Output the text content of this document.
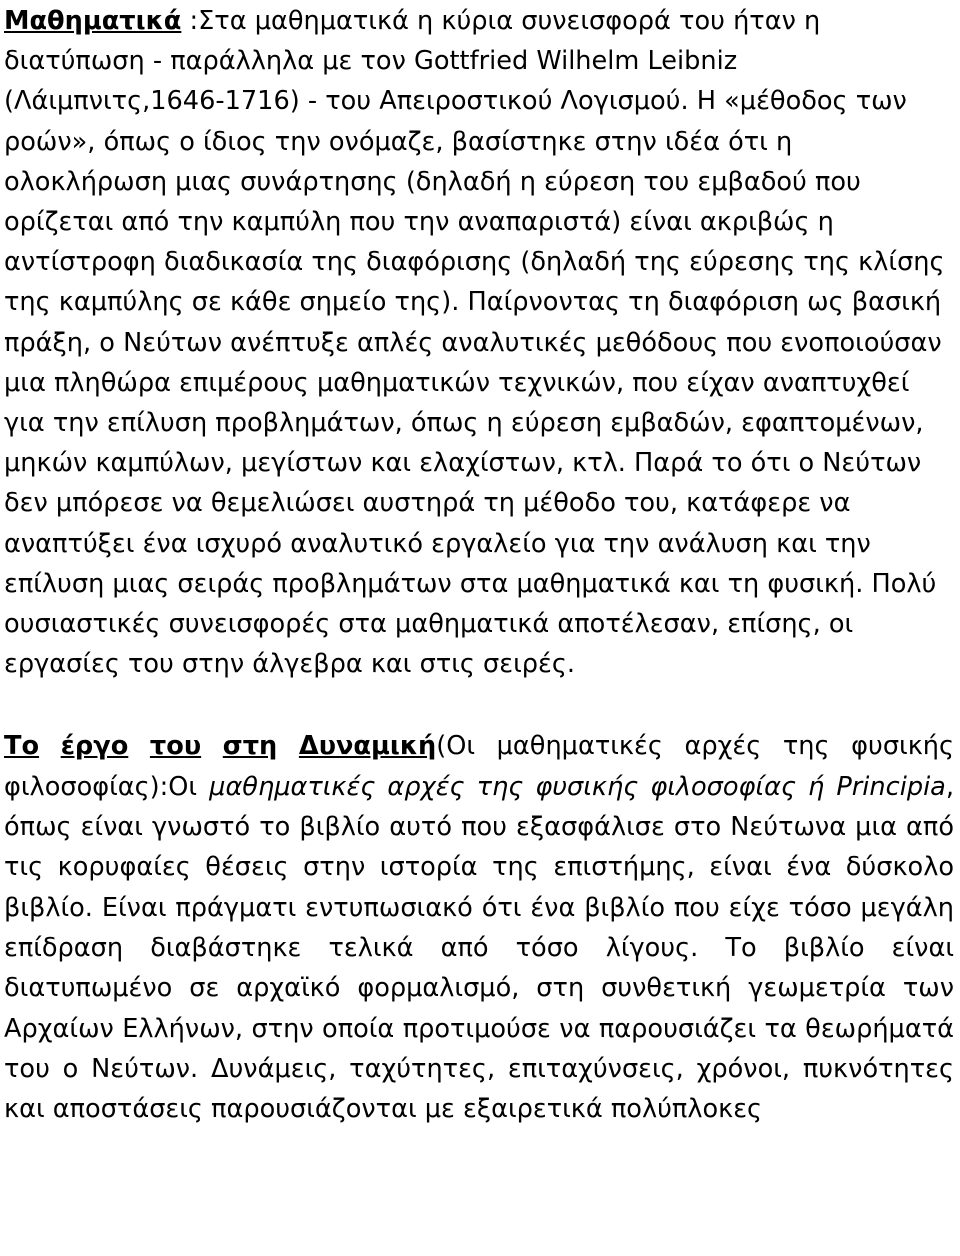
Μαθηματικά :Στα μαθηματικά η κύρια συνεισφορά του ήταν η διατύπωση - παράλληλα με τον Gottfried Wilhelm Leibniz (Λάιμπνιτς,1646-1716) - του Απειροστικού Λογισμού. Η «μέθοδος των ροών», όπως ο ίδιος την ονόμαζε, βασίστηκε στην ιδέα ότι η ολοκλήρωση μιας συνάρτησης (δηλαδή η εύρεση του εμβαδού που ορίζεται από την καμπύλη που την αναπαριστά) είναι ακριβώς η αντίστροφη διαδικασία της διαφόρισης (δηλαδή της εύρεσης της κλίσης της καμπύλης σε κάθε σημείο της). Παίρνοντας τη διαφόριση ως βασική πράξη, ο Νεύτων ανέπτυξε απλές αναλυτικές μεθόδους που ενοποιούσαν μια πληθώρα επιμέρους μαθηματικών τεχνικών, που είχαν αναπτυχθεί για την επίλυση προβλημάτων, όπως η εύρεση εμβαδών, εφαπτομένων, μηκών καμπύλων, μεγίστων και ελαχίστων, κτλ. Παρά το ότι ο Νεύτων δεν μπόρεσε να θεμελιώσει αυστηρά τη μέθοδο του, κατάφερε να αναπτύξει ένα ισχυρό αναλυτικό εργαλείο για την ανάλυση και την επίλυση μιας σειράς προβλημάτων στα μαθηματικά και τη φυσική. Πολύ ουσιαστικές συνεισφορές στα μαθηματικά αποτέλεσαν, επίσης, οι εργασίες του στην άλγεβρα και στις σειρές.

Το έργο του στη Δυναμική(Οι μαθηματικές αρχές της φυσικής φιλοσοφίας):Οι μαθηματικές αρχές της φυσικής φιλοσοφίας ή Principia, όπως είναι γνωστό το βιβλίο αυτό που εξασφάλισε στο Νεύτωνα μια από τις κορυφαίες θέσεις στην ιστορία της επιστήμης, είναι ένα δύσκολο βιβλίο. Είναι πράγματι εντυπωσιακό ότι ένα βιβλίο που είχε τόσο μεγάλη επίδραση διαβάστηκε τελικά από τόσο λίγους. Το βιβλίο είναι διατυπωμένο σε αρχαϊκό φορμαλισμό, στη συνθετική γεωμετρία των Αρχαίων Ελλήνων, στην οποία προτιμούσε να παρουσιάζει τα θεωρήματά του ο Νεύτων. Δυνάμεις, ταχύτητες, επιταχύνσεις, χρόνοι, πυκνότητες και αποστάσεις παρουσιάζονται με εξαιρετικά πολύπλοκες
